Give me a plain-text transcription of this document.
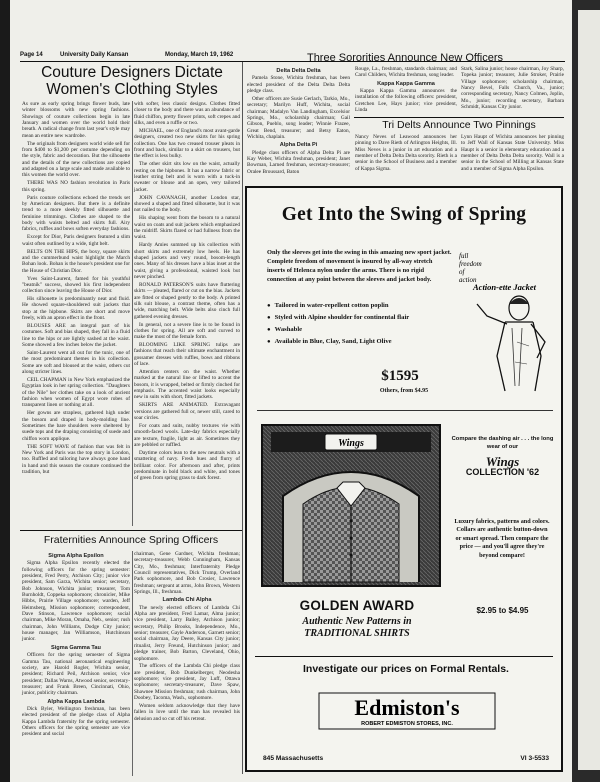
Page 14	University Daily Kansan	Monday, March 19, 1962
Couture Designers Dictate Women's Clothing Styles

As sure as early spring brings flower buds, late winter blossoms with new spring fashions. Showings of couture collections begin in late January and women over the world hold their breath. A radical change from last year's style may mean an entire new wardrobe.

The originals from designers world wide sell for from $400 to $1,200 per costume depending on the style, fabric and decoration. But the silhouette and the details of the new collections are copied and adapted on a large scale and made available to this women the world over.

THERE WAS NO fashion revolution in Paris this spring.

Paris couture collections echoed the trends set by American designers. But there is a definite trend to a more sleekly fitted silhouette and feminine trimmings. Clothes are shaped to the body with waists belted and skirts full. Airy fabrics, ruffles and bows soften everyday fashions.

Except for Dior, Paris designers featured a slim waist often outlined by a wide, tight belt.

BELTS ON THE HIPS, the boxy, square skirts and the cummerbund waist highlight the March Bohan look. Bohan is the house's president one for the House of Christian Dior.

Yves Saint-Laurent, famed for his youthful "beatnik" success, showed his first independent collection since leaving the House of Dior.

His silhouette is predominantly neat and fluid. He showed square-shouldered suit jackets that stop at the hipbone. Skirts are short and move freely, with an apron effect in the front.

BLOUSES ARE an integral part of his costumes. Soft and bias shaped, they fall in a fluid line to the hips or are lightly sashed at the waist. Some showed a few inches below the jacket.

Saint-Laurent went all out for the tunic, one of the most predominant themes in his collection. Some are soft and bloused at the waist, others cut along stricter lines.

CEIL CHAPMAN in New York emphasized the Egyptian look in her spring collection. "Daughters of the Nile" her clothes take on a look of ancient fashion when women of Egypt wore robes of transparent linen or nothing at all.

Her gowns are strapless, gathered high under the bosom and draped in body-molding line. Sometimes the bare shoulders were sheltered by suede tops and the draping consisting of suede and chiffon worn applique.

THE SOFT WAVE of fashion that was felt in New York and Paris was the top story in London, too. Ruffled and tailoring have always gone hand in hand and this season the couture continued the tradition, but

with softer, less classic designs. Clothes fitted closer to the body and there was an abundance of fluid chiffon, pretty flower prints, soft crepes and silks, and even a ruffle or two.

MICHAEL, one of England's most avant-garde designers, created two new skirts for his spring collection. One has two creased trouser pleats in front and back, similar to a skirt on trousers, but the effect is less bulky.

The other skirt sits low on the waist, actually resting on the hipbones. It has a narrow fabric or leather string belt and is worn with a tuck-in sweater or blouse and an open, very tailored jacket.

JOHN CAVANAGH, another London star, showed a shaped and fitted silhouette, but it was not nailed to the body.

His shaping went from the bosom to a natural waist on coats and suit jackets which emphasized the midriff. Skirts flared or had fullness from the waist.

Hardy Amies summed up his collection with short skirts and extremely low heels. He has shaped jackets and very round, bosom-length ones. Many of his dresses have a bias inset at the waist, giving a professional, waisted look but never pinched.

RONALD PATERSON'S suits have fluttering skirts — pleated, flared or cut on the bias. Jackets are fitted or shaped gently to the body. A printed silk suit blouse, a contrast theme, often has a wide, matching belt. Wide belts also cinch full gathered evening dresses.

In general, not a severe line is to be found in clothes for spring. All are soft and curved to make the most of the female form.

BLOOMING LIKE SPRING tulips are fashions that reach their ultimate enchantment in gossamer dresses with ruffles, bows and ribbons of lace.

Attention centers on the waist. Whether marked at the natural line or lifted to accent the bosom, it is wrapped, belted or firmly cinched for emphasis. The accented waist looks especially new in suits with short, fitted jackets.

SKIRTS ARE ANIMATED. Extravagant versions are gathered full or, newer still, cared to soar circles.

For coats and suits, nubby textures vie with smooth-faced wools. Late-day fabrics especially are texture, fragile, light as air. Sometimes they are pebbled or ruffled.

Daytime colors lean to the new neutrals with a smattering of navy. Fresh hues and flurry of brilliant color. For afternoon and after, prints predominate in bold black and white, and tones of green from spring grass to dark forest.

Fraternities Announce Spring Officers

Sigma Alpha Epsilon

Sigma Alpha Epsilon recently elected the following officers for the spring semester: president, Fred Perry, Atchison City; junior vice president, Sam Garza, Wichita senior; secretary, Bob Johnson, Wichita junior; treasurer, Tom Burnholdt, Coppeka sophomore; chronicler, Mike Hibbs, Prairie Village sophomore; warden, Jeff Heimsberg, Mission sophomore; correspondent, Dave Stinson, Lawrence sophomore; social chairman, Mike Moran, Omaha, Neb., senior; rush chairman, John Williams, Dodge City junior; house manager, Jan Williamson, Hutchinson junior.

Sigma Gamma Tau

Officers for the spring semester of Sigma Gamma Tau, national aeronautical engineering society, are Harold Rogler, Wichita senior, president; Richard Peil, Atchison senior, vice president; Dallas Warns, Atwood senior, secretary-treasurer; and Frank Breen, Cincinnati, Ohio, junior, publicity chairman.

Alpha Kappa Lambda

Dick Byler, Wellington freshman, has been elected president of the pledge class of Alpha Kappa Lambda fraternity for the spring semester. Others officers for the spring semester are vice president and social

chairman, Gene Gardner, Wichita freshman; secretary-treasurer, Webb Cunningham, Kansas City, Mo., freshman; Interfraternity Pledge Council representatives, Dick Trump, Overland Park sophomore, and Bob Crosier, Lawrence freshman; sergeant at arms, John Brown, Western Springs, Ill., freshman.

Lambda Chi Alpha

The newly elected officers of Lambda Chi Alpha are president, Fred Lamar, Alma junior; vice president, Larry Bailey, Atchison junior; secretary, Philip Brooks, Independence, Mo., senior; treasurer, Gayle Anderson, Garnett senior; social chairman, Jay Deere, Kansas City junior; ritualist, Jerry Freund, Hutchinson junior; and pledge trainer, Bob Barton, Cleveland, Ohio, sophomore.

The officers of the Lambda Chi pledge class are president, Bob Dunkelberger, Neodesha sophomore; vice president, Jay Luff, Ottawa sophomore; secretary-treasurer, Dave Spaw, Shawnee Mission freshman; rush chairman, John Doobey, Tacoma, Wash., sophomore.

Women seldom acknowledge that they have fallen in love until the man has revealed his delusion and so cut off his retreat.

Three Sororities Announce New Officers

Delta Delta Delta

Pamela Stone, Wichita freshman, has been elected president of the Delta Delta Delta pledge class.

Other officers are Susie Gerlach, Tarkio, Mo., secretary; Marilyn Huff, Wichita, social chairman; Madalyn Van Landingham, Excelsior Springs, Mo., scholarship chairman; Gail Gibson, Pueblo, song leader; Winnie Frazee, Great Bend, treasurer; and Betsy Eaton, Wichita, chaplain.

Alpha Delta Pi

Pledge class officers of Alpha Delta Pi are Kay Weber, Wichita freshman, president; Janet Bowman, Larned freshman, secretary-treasurer; Oralee Broussard, Baton

Rouge, La., freshman, standards chairman; and Carol Childers, Wichita freshman, song leader.

Kappa Kappa Gamma

Kappa Kappa Gamma announces the installation of the following officers: president, Gretchen Lee, Hays junior; vice president, Linda

Stark, Salina junior; house chairman, Joy Sharp, Topeka junior; treasurer, Julie Stroker, Prairie Village sophomore; scholarship chairman, Nancy Bevel, Falls Church, Va., junior; corresponding secretary, Nancy Colmen, Joplin, Mo., junior; recording secretary, Barbara Schmidt, Kansas City junior.

Tri Delts Announce Two Pinnings

Nancy Neves of Leawood announces her pinning to Dave Rieth of Arlington Heights, Ill. Miss Neves is a junior in art education and a member of Delta Delta Delta sorority. Rieth is a senior in the School of Business and a member of Kappa Sigma.

Lynn Haupt of Wichita announces her pinning to Jeff Wall of Kansas State University. Miss Haupt is a senior in elementary education and a member of Delta Delta Delta sorority. Wall is a senior in the School of Milling at Kansas State and a member of Sigma Alpha Epsilon.

Get Into the Swing of Spring
Only the sleeves get into the swing in this amazing new sport jacket. Complete freedom of movement is insured by all-way stretch inserts of Helenca nylon under the arms. There is no rigid connection at any point between the sleeves and jacket body.
● Tailored in water-repellent cotton poplin
● Styled with Alpine shoulder for continental flair
● Washable
● Available in Blue, Clay, Sand, Light Olive
$1595
Others, from $4.95
full
freedom
of
action
Action-ette Jacket
Wings	Compare the dashing air . . . the long wear of our
Wings
COLLECTION '62
Luxury fabrics, patterns and colors. Collars are authentic button-down or smart spread. Then compare the price — and you'll agree they're beyond compare!
$2.95 to $4.95
GOLDEN AWARD
Authentic New Patterns in
TRADITIONAL SHIRTS
Investigate our prices on Formal Rentals.
Edmiston's
ROBERT EDMISTON STORES, INC.
845 Massachusetts	VI 3-5533
